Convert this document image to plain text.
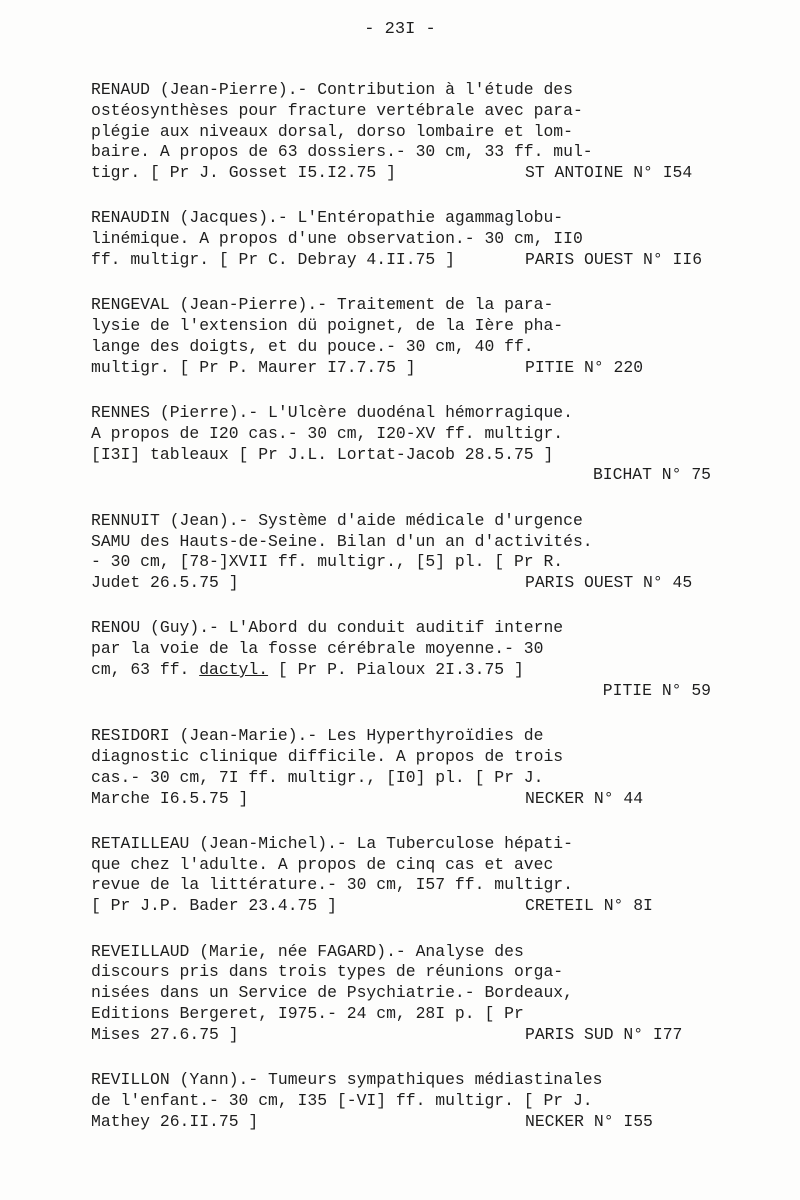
- 23I -
RENAUD (Jean-Pierre).- Contribution à l'étude des
ostéosynthèses pour fracture vertébrale avec para-
plégie aux niveaux dorsal, dorso lombaire et lom-
baire. A propos de 63 dossiers.- 30 cm, 33 ff. mul-
tigr. [ Pr J. Gosset I5.I2.75 ]	ST ANTOINE N° I54
RENAUDIN (Jacques).- L'Entéropathie agammaglobu-
linémique. A propos d'une observation.- 30 cm, II0
ff. multigr. [ Pr C. Debray 4.II.75 ]	PARIS OUEST N° II6
RENGEVAL (Jean-Pierre).- Traitement de la para-
lysie de l'extension dü poignet, de la Ière pha-
lange des doigts, et du pouce.- 30 cm, 40 ff.
multigr. [ Pr P. Maurer I7.7.75 ]	PITIE N° 220
RENNES (Pierre).- L'Ulcère duodénal hémorragique.
A propos de I20 cas.- 30 cm, I20-XV ff. multigr.
[I3I] tableaux [ Pr J.L. Lortat-Jacob 28.5.75 ]
BICHAT N° 75
RENNUIT (Jean).- Système d'aide médicale d'urgence
SAMU des Hauts-de-Seine. Bilan d'un an d'activités.
- 30 cm, [78-]XVII ff. multigr., [5] pl. [ Pr R.
Judet 26.5.75 ]	PARIS OUEST N° 45
RENOU (Guy).- L'Abord du conduit auditif interne
par la voie de la fosse cérébrale moyenne.- 30
cm, 63 ff. dactyl. [ Pr P. Pialoux 2I.3.75 ]
PITIE N° 59
RESIDORI (Jean-Marie).- Les Hyperthyroïdies de
diagnostic clinique difficile. A propos de trois
cas.- 30 cm, 7I ff. multigr., [I0] pl. [ Pr J.
Marche I6.5.75 ]	NECKER N° 44
RETAILLEAU (Jean-Michel).- La Tuberculose hépati-
que chez l'adulte. A propos de cinq cas et avec
revue de la littérature.- 30 cm, I57 ff. multigr.
[ Pr J.P. Bader 23.4.75 ]	CRETEIL N° 8I
REVEILLAUD (Marie, née FAGARD).- Analyse des
discours pris dans trois types de réunions orga-
nisées dans un Service de Psychiatrie.- Bordeaux,
Editions Bergeret, I975.- 24 cm, 28I p. [ Pr
Mises 27.6.75 ]	PARIS SUD N° I77
REVILLON (Yann).- Tumeurs sympathiques médiastinales
de l'enfant.- 30 cm, I35 [-VI] ff. multigr. [ Pr J.
Mathey 26.II.75 ]	NECKER N° I55
